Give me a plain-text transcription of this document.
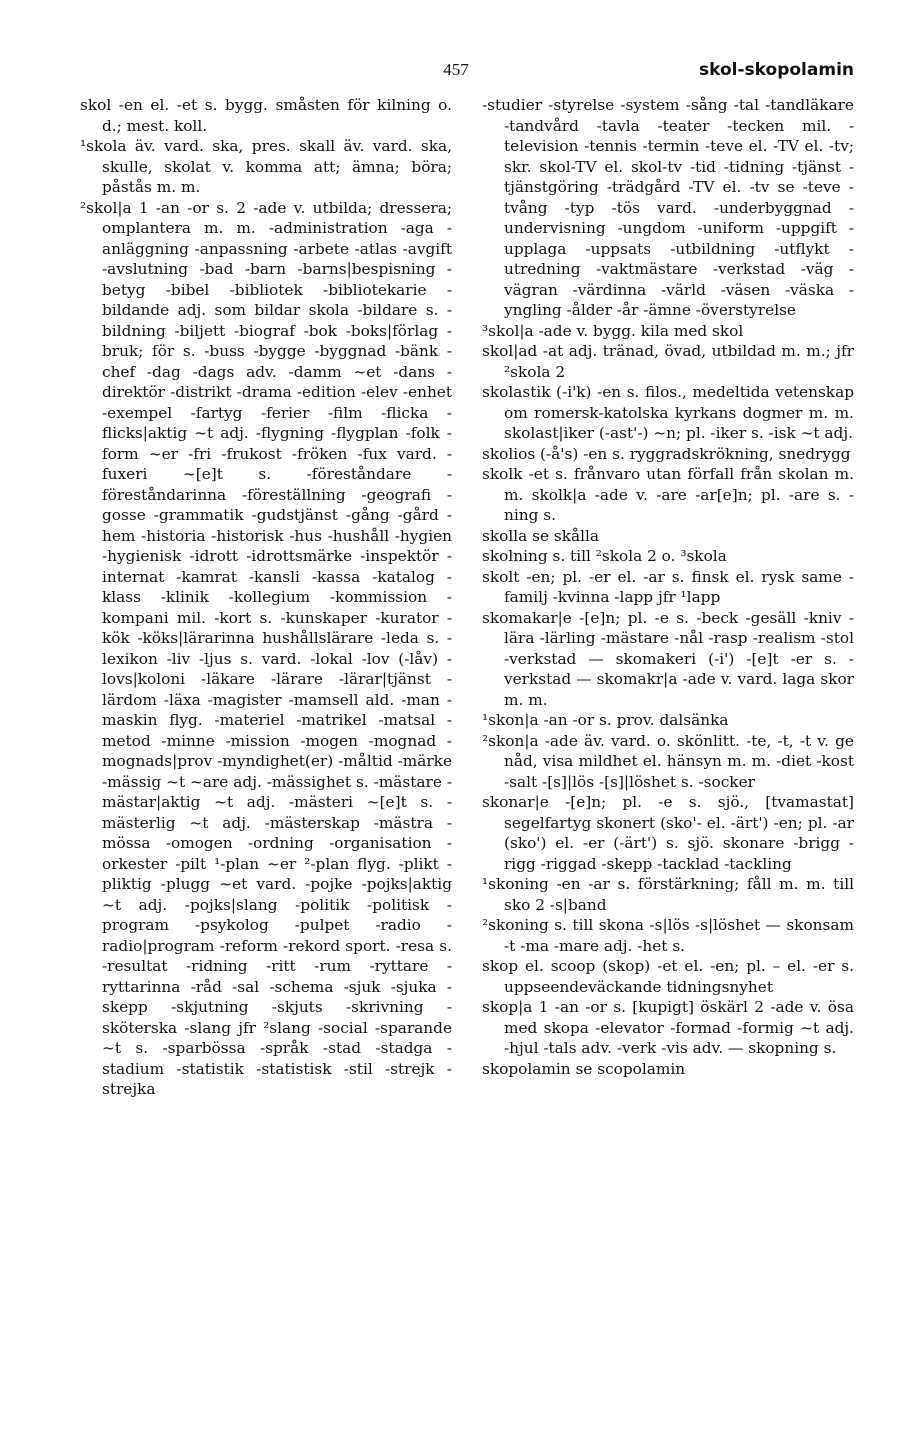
457	skol-skopolamin

skol -en el. -et s. bygg. småsten för kilning o. d.; mest. koll.

¹skola äv. vard. ska, pres. skall äv. vard. ska, skulle, skolat v. komma att; ämna; böra; påstås m. m.

²skol|a 1 -an -or s. 2 -ade v. utbilda; dressera; omplantera m. m. -administration -aga -anläggning -anpassning -arbete -atlas -avgift -avslutning -bad -barn -barns|bespisning -betyg -bibel -bibliotek -bibliotekarie -bildande adj. som bildar skola -bildare s. -bildning -biljett -biograf -bok -boks|förlag -bruk; för s. -buss -bygge -byggnad -bänk -chef -dag -dags adv. -damm ~et -dans -direktör -distrikt -drama -edition -elev -enhet -exempel -fartyg -ferier -film -flicka -flicks|aktig ~t adj. -flygning -flygplan -folk -form ~er -fri -frukost -fröken -fux vard. -fuxeri ~[e]t s. -föreståndare -föreståndarinna -föreställning -geografi -gosse -grammatik -gudstjänst -gång -gård -hem -historia -historisk -hus -hushåll -hygien -hygienisk -idrott -idrottsmärke -inspektör -internat -kamrat -kansli -kassa -katalog -klass -klinik -kollegium -kommission -kompani mil. -kort s. -kunskaper -kurator -kök -köks|lärarinna hushållslärare -leda s. -lexikon -liv -ljus s. vard. -lokal -lov (-låv) -lovs|koloni -läkare -lärare -lärar|tjänst -lärdom -läxa -magister -mamsell ald. -man -maskin flyg. -materiel -matrikel -matsal -metod -minne -mission -mogen -mognad -mognads|prov -myndighet(er) -måltid -märke -mässig ~t ~are adj. -mässighet s. -mästare -mästar|aktig ~t adj. -mästeri ~[e]t s. -mästerlig ~t adj. -mästerskap -mästra -mössa -omogen -ordning -organisation -orkester -pilt ¹-plan ~er ²-plan flyg. -plikt -pliktig -plugg ~et vard. -pojke -pojks|aktig ~t adj. -pojks|slang -politik -politisk -program -psykolog -pulpet -radio -radio|program -reform -rekord sport. -resa s. -resultat -ridning -ritt -rum -ryttare -ryttarinna -råd -sal -schema -sjuk -sjuka -skepp -skjutning -skjuts -skrivning -sköterska -slang jfr ²slang -social -sparande ~t s. -sparbössa -språk -stad -stadga -stadium -statistik -statistisk -stil -strejk -strejka

-studier -styrelse -system -sång -tal -tandläkare -tandvård -tavla -teater -tecken mil. -television -tennis -termin -teve el. -TV el. -tv; skr. skol-TV el. skol-tv -tid -tidning -tjänst -tjänstgöring -trädgård -TV el. -tv se -teve -tvång -typ -tös vard. -underbyggnad -undervisning -ungdom -uniform -uppgift -upplaga -uppsats -utbildning -utflykt -utredning -vaktmästare -verkstad -väg -vägran -värdinna -värld -väsen -väska -yngling -ålder -år -ämne -överstyrelse

³skol|a -ade v. bygg. kila med skol

skol|ad -at adj. tränad, övad, utbildad m. m.; jfr ²skola 2

skolastik (-i'k) -en s. filos., medeltida vetenskap om romersk-katolska kyrkans dogmer m. m. skolast|iker (-ast'-) ~n; pl. -iker s. -isk ~t adj.

skolios (-å's) -en s. ryggradskrökning, snedrygg

skolk -et s. frånvaro utan förfall från skolan m. m. skolk|a -ade v. -are -ar[e]n; pl. -are s. -ning s.

skolla se skålla

skolning s. till ²skola 2 o. ³skola

skolt -en; pl. -er el. -ar s. finsk el. rysk same -familj -kvinna -lapp jfr ¹lapp

skomakar|e -[e]n; pl. -e s. -beck -gesäll -kniv -lära -lärling -mästare -nål -rasp -realism -stol -verkstad — skomakeri (-i') -[e]t -er s. -verkstad — skomakr|a -ade v. vard. laga skor m. m.

¹skon|a -an -or s. prov. dalsänka

²skon|a -ade äv. vard. o. skönlitt. -te, -t, -t v. ge nåd, visa mildhet el. hänsyn m. m. -diet -kost -salt -[s]|lös -[s]|löshet s. -socker

skonar|e -[e]n; pl. -e s. sjö., [tvamastat] segelfartyg skonert (sko'- el. -ärt') -en; pl. -ar (sko') el. -er (-ärt') s. sjö. skonare -brigg -rigg -riggad -skepp -tacklad -tackling

¹skoning -en -ar s. förstärkning; fåll m. m. till sko 2 -s|band

²skoning s. till skona -s|lös -s|löshet — skonsam -t -ma -mare adj. -het s.

skop el. scoop (skop) -et el. -en; pl. – el. -er s. uppseendeväckande tidningsnyhet

skop|a 1 -an -or s. [kupigt] öskärl 2 -ade v. ösa med skopa -elevator -formad -formig ~t adj. -hjul -tals adv. -verk -vis adv. — skopning s.

skopolamin se scopolamin
